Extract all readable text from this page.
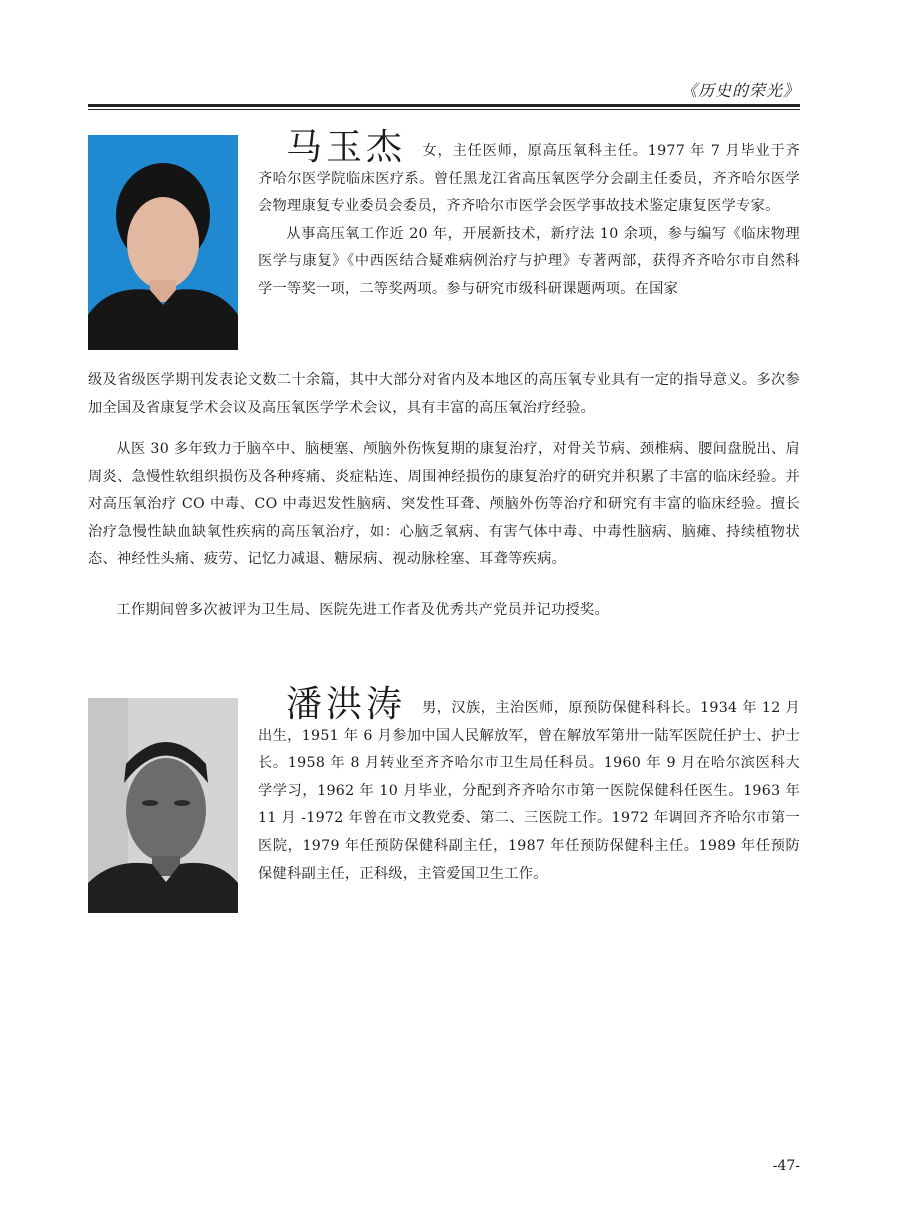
《历史的荣光》

马玉杰 女，主任医师，原高压氧科主任。1977 年 7 月毕业于齐齐哈尔医学院临床医疗系。曾任黑龙江省高压氧医学分会副主任委员，齐齐哈尔医学会物理康复专业委员会委员，齐齐哈尔市医学会医学事故技术鉴定康复医学专家。

从事高压氧工作近 20 年，开展新技术，新疗法 10 余项，参与编写《临床物理医学与康复》《中西医结合疑难病例治疗与护理》专著两部，获得齐齐哈尔市自然科学一等奖一项，二等奖两项。参与研究市级科研课题两项。在国家

级及省级医学期刊发表论文数二十余篇，其中大部分对省内及本地区的高压氧专业具有一定的指导意义。多次参加全国及省康复学术会议及高压氧医学学术会议，具有丰富的高压氧治疗经验。

从医 30 多年致力于脑卒中、脑梗塞、颅脑外伤恢复期的康复治疗，对骨关节病、颈椎病、腰间盘脱出、肩周炎、急慢性软组织损伤及各种疼痛、炎症粘连、周围神经损伤的康复治疗的研究并积累了丰富的临床经验。并对高压氧治疗 CO 中毒、CO 中毒迟发性脑病、突发性耳聋、颅脑外伤等治疗和研究有丰富的临床经验。擅长治疗急慢性缺血缺氧性疾病的高压氧治疗，如：心脑乏氧病、有害气体中毒、中毒性脑病、脑瘫、持续植物状态、神经性头痛、疲劳、记忆力减退、糖尿病、视动脉栓塞、耳聋等疾病。

工作期间曾多次被评为卫生局、医院先进工作者及优秀共产党员并记功授奖。

潘洪涛 男，汉族，主治医师，原预防保健科科长。1934 年 12 月出生，1951 年 6 月参加中国人民解放军，曾在解放军第卅一陆军医院任护士、护士长。1958 年 8 月转业至齐齐哈尔市卫生局任科员。1960 年 9 月在哈尔滨医科大学学习，1962 年 10 月毕业，分配到齐齐哈尔市第一医院保健科任医生。1963 年 11 月 -1972 年曾在市文教党委、第二、三医院工作。1972 年调回齐齐哈尔市第一医院，1979 年任预防保健科副主任，1987 年任预防保健科主任。1989 年任预防保健科副主任，正科级，主管爱国卫生工作。

-47-
